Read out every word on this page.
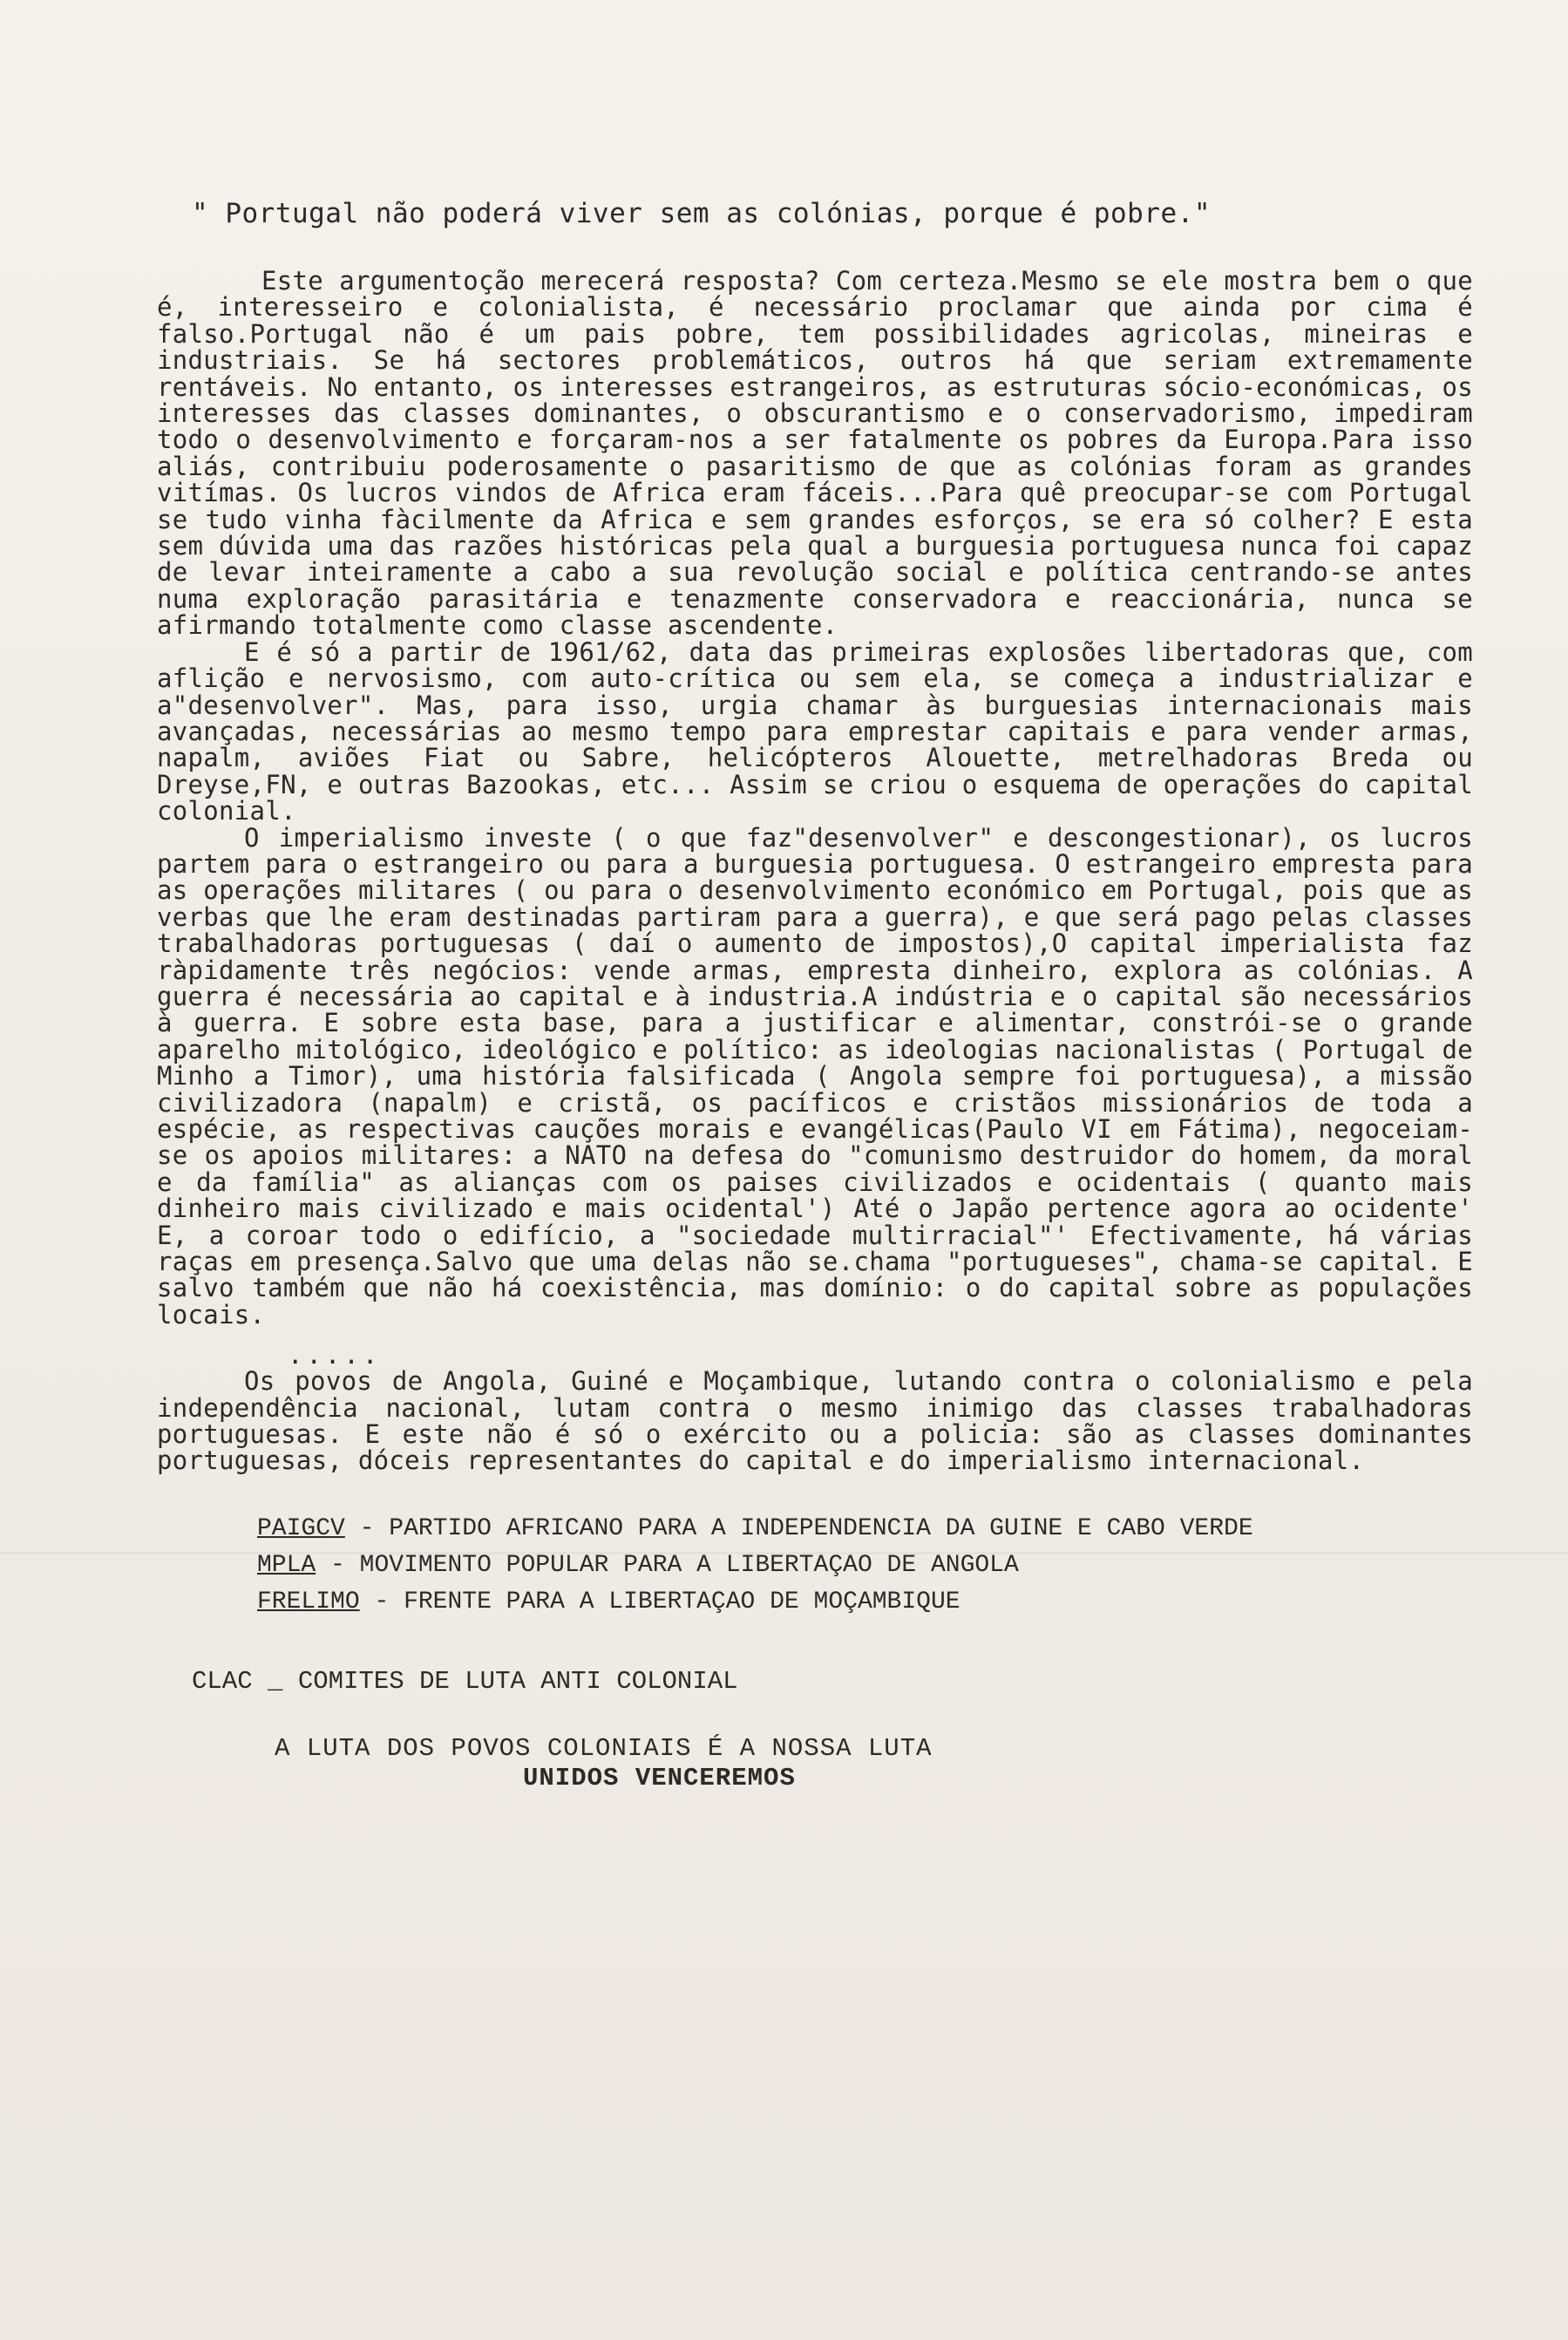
" Portugal não poderá viver sem as colónias, porque é pobre."

Este argumentoção merecerá resposta? Com certeza.Mesmo se ele mostra bem o que é, interesseiro e colonialista, é necessário proclamar que ainda por cima é falso.Portugal não é um pais pobre, tem possibilidades agricolas, mineiras e industriais. Se há sectores problemáticos, outros há que seriam extremamente rentáveis. No entanto, os interesses estrangeiros, as estruturas sócio-económicas, os interesses das classes dominantes, o obscurantismo e o conservadorismo, impediram todo o desenvolvimento e forçaram-nos a ser fatalmente os pobres da Europa.Para isso aliás, contribuiu poderosamente o pasaritismo de que as colónias foram as grandes vitímas. Os lucros vindos de Africa eram fáceis...Para quê preocupar-se com Portugal se tudo vinha fàcilmente da Africa e sem grandes esforços, se era só colher? E esta sem dúvida uma das razões históricas pela qual a burguesia portuguesa nunca foi capaz de levar inteiramente a cabo a sua revolução social e política centrando-se antes numa exploração parasitária e tenazmente conservadora e reaccionária, nunca se afirmando totalmente como classe ascendente.

E é só a partir de 1961/62, data das primeiras explosões libertadoras que, com aflição e nervosismo, com auto-crítica ou sem ela, se começa a industrializar e a"desenvolver". Mas, para isso, urgia chamar às burguesias internacionais mais avançadas, necessárias ao mesmo tempo para emprestar capitais e para vender armas, napalm, aviões Fiat ou Sabre, helicópteros Alouette, metrelhadoras Breda ou Dreyse,FN, e outras Bazookas, etc... Assim se criou o esquema de operações do capital colonial.

O imperialismo investe ( o que faz"desenvolver" e descongestionar), os lucros partem para o estrangeiro ou para a burguesia portuguesa. O estrangeiro empresta para as operações militares ( ou para o desenvolvimento económico em Portugal, pois que as verbas que lhe eram destinadas partiram para a guerra), e que será pago pelas classes trabalhadoras portuguesas ( daí o aumento de impostos),O capital imperialista faz ràpidamente três negócios: vende armas, empresta dinheiro, explora as colónias. A guerra é necessária ao capital e à industria.A indústria e o capital são necessários à guerra. E sobre esta base, para a justificar e alimentar, constrói-se o grande aparelho mitológico, ideológico e político: as ideologias nacionalistas ( Portugal de Minho a Timor), uma história falsificada ( Angola sempre foi portuguesa), a missão civilizadora (napalm) e cristã, os pacíficos e cristãos missionários de toda a espécie, as respectivas cauções morais e evangélicas(Paulo VI em Fátima), negoceiam-se os apoios militares: a NATO na defesa do "comunismo destruidor do homem, da moral e da família" as alianças com os paises civilizados e ocidentais ( quanto mais dinheiro mais civilizado e mais ocidental') Até o Japão pertence agora ao ocidente' E, a coroar todo o edifício, a "sociedade multirracial"' Efectivamente, há várias raças em presença.Salvo que uma delas não se.chama "portugueses", chama-se capital. E salvo também que não há coexistência, mas domínio: o do capital sobre as populações locais.

.....

Os povos de Angola, Guiné e Moçambique, lutando contra o colonialismo e pela independência nacional, lutam contra o mesmo inimigo das classes trabalhadoras portuguesas. E este não é só o exército ou a policia: são as classes dominantes portuguesas, dóceis representantes do capital e do imperialismo internacional.

PAIGCV ‑ PARTIDO AFRICANO PARA A INDEPENDENCIA DA GUINE E CABO VERDE
MPLA ‑ MOVIMENTO POPULAR PARA A LIBERTAÇAO DE ANGOLA
FRELIMO ‑ FRENTE PARA A LIBERTAÇAO DE MOÇAMBIQUE
CLAC _ COMITES DE LUTA ANTI COLONIAL
A LUTA DOS POVOS COLONIAIS É A NOSSA LUTA
UNIDOS VENCEREMOS
